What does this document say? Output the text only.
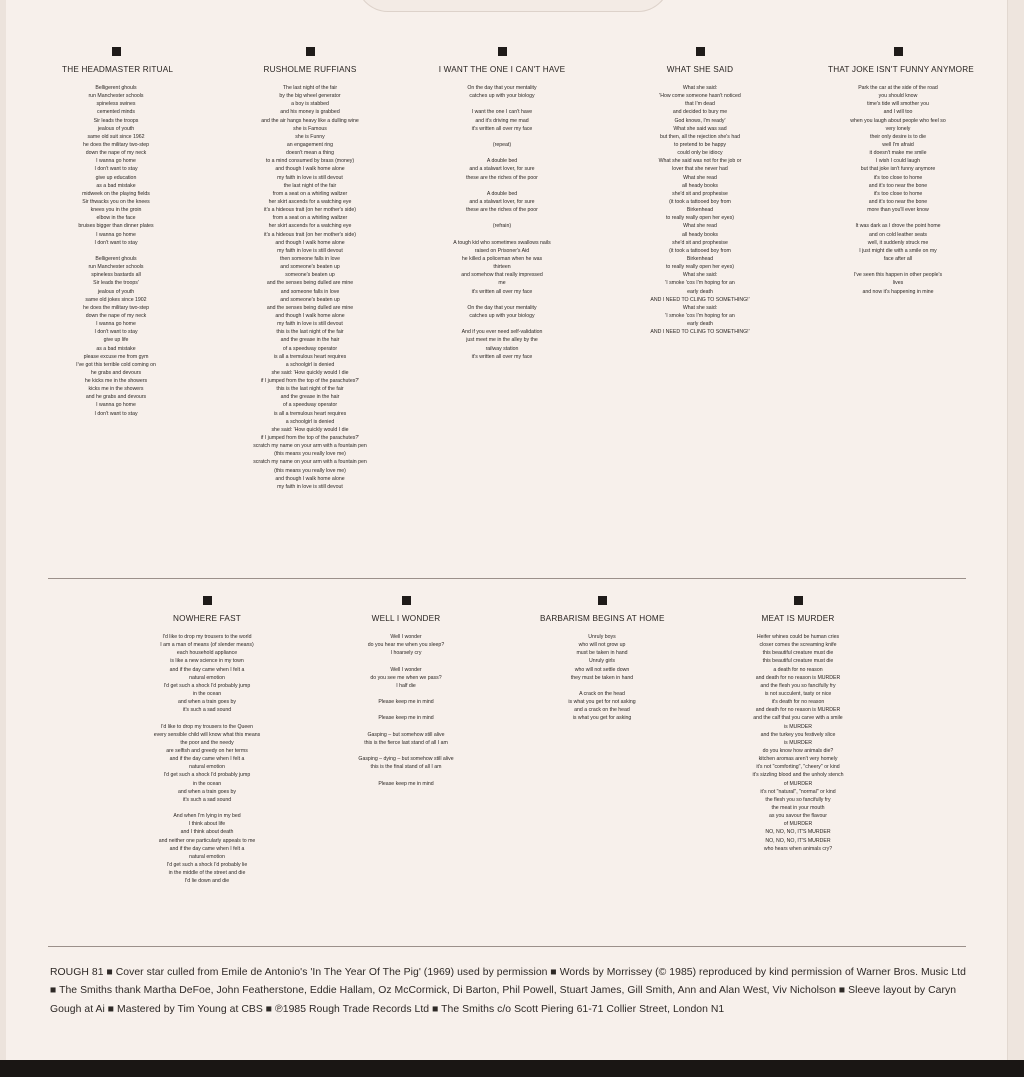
THE HEADMASTER RITUAL
Belligerent ghouls
run Manchester schools
spineless swines
cemented minds
Sir leads the troops
jealous of youth
same old suit since 1962
he does the military two-step
down the nape of my neck
I wanna go home
I don't want to stay
give up education
as a bad mistake
midweek on the playing fields
Sir thwacks you on the knees
knees you in the groin
elbow in the face
bruises bigger than dinner plates
I wanna go home
I don't want to stay
Belligerent ghouls
run Manchester schools
spineless bastards all
Sir leads the troops'
jealous of youth
same old jokes since 1902
he does the military two-step
down the nape of my neck
I wanna go home
I don't want to stay
give up life
as a bad mistake
please excuse me from gym
I've got this terrible cold coming on
he grabs and devours
he kicks me in the showers
kicks me in the showers
and he grabs and devours
I wanna go home
I don't want to stay
RUSHOLME RUFFIANS
The last night of the fair
by the big wheel generator
a boy is stabbed
and his money is grabbed
and the air hangs heavy like a dulling wine
she is Famous
she is Funny
an engagement ring
doesn't mean a thing
to a mind consumed by brass (money)
and though I walk home alone
my faith in love is still devout
the last night of the fair
from a seat on a whirling waltzer
her skirt ascends for a watching eye
it's a hideous trait (on her mother's side)
from a seat on a whirling waltzer
her skirt ascends for a watching eye
it's a hideous trait (on her mother's side)
and though I walk home alone
my faith in love is still devout
then someone falls in love
and someone's beaten up
someone's beaten up
and the senses being dulled are mine
and someone falls in love
and someone's beaten up
and the senses being dulled are mine
and though I walk home alone
my faith in love is still devout
this is the last night of the fair
and the grease in the hair
of a speedway operator
is all a tremulous heart requires
a schoolgirl is denied
she said: 'How quickly would I die
if I jumped from the top of the parachutes?'
this is the last night of the fair
and the grease in the hair
of a speedway operator
is all a tremulous heart requires
a schoolgirl is denied
she said: 'How quickly would I die
if I jumped from the top of the parachutes?'
scratch my name on your arm with a fountain pen
(this means you really love me)
scratch my name on your arm with a fountain pen
(this means you really love me)
and though I walk home alone
my faith in love is still devout
I WANT THE ONE I CAN'T HAVE
On the day that your mentality
catches up with your biology
I want the one I can't have
and it's driving me mad
it's written all over my face
(repeat)
A double bed
and a stalwart lover, for sure
these are the riches of the poor
A double bed
and a stalwart lover, for sure
these are the riches of the poor
(refrain)
A tough kid who sometimes swallows nails
raised on Prisoner's Aid
he killed a policeman when he was
thirteen
and somehow that really impressed
me
it's written all over my face
On the day that your mentality
catches up with your biology
And if you ever need self-validation
just meet me in the alley by the
railway station
it's written all over my face
WHAT SHE SAID
What she said:
'How come someone hasn't noticed
that I'm dead
and decided to bury me
God knows, I'm ready'
What she said was sad
but then, all the rejection she's had
to pretend to be happy
could only be idiocy
What she said was not for the job or
lover that she never had
What she read
all heady books
she'd sit and prophesise
(it took a tattooed boy from
Birkenhead
to really really open her eyes)
What she read
all heady books
she'd sit and prophesise
(it took a tattooed boy from
Birkenhead
to really really open her eyes)
What she said:
'I smoke 'cos I'm hoping for an
early death
AND I NEED TO CLING TO SOMETHING!'
What she said:
'I smoke 'cos I'm hoping for an
early death
AND I NEED TO CLING TO SOMETHING!'
THAT JOKE ISN'T FUNNY ANYMORE
Park the car at the side of the road
you should know
time's tide will smother you
and I will too
when you laugh about people who feel so
very lonely
their only desire is to die
well I'm afraid
it doesn't make me smile
I wish I could laugh
but that joke isn't funny anymore
it's too close to home
and it's too near the bone
it's too close to home
and it's too near the bone
more than you'll ever know
It was dark as I drove the point home
and on cold leather seats
well, it suddenly struck me
I just might die with a smile on my
face after all
I've seen this happen in other people's
lives
and now it's happening in mine
NOWHERE FAST
I'd like to drop my trousers to the world
I am a man of means (of slender means)
each household appliance
is like a new science in my town
and if the day came when I felt a
natural emotion
I'd get such a shock I'd probably jump
in the ocean
and when a train goes by
it's such a sad sound
I'd like to drop my trousers to the Queen
every sensible child will know what this means
the poor and the needy
are selfish and greedy on her terms
and if the day came when I felt a
natural emotion
I'd get such a shock I'd probably jump
in the ocean
and when a train goes by
it's such a sad sound
And when I'm lying in my bed
I think about life
and I think about death
and neither one particularly appeals to me
and if the day came when I felt a
natural emotion
I'd get such a shock I'd probably lie
in the middle of the street and die
I'd lie down and die
WELL I WONDER
Well I wonder
do you hear me when you sleep?
I hoarsely cry
Well I wonder
do you see me when we pass?
I half die
Please keep me in mind
Please keep me in mind
Gasping – but somehow still alive
this is the fierce last stand of all I am
Gasping – dying – but somehow still alive
this is the final stand of all I am
Please keep me in mind
BARBARISM BEGINS AT HOME
Unruly boys
who will not grow up
must be taken in hand
Unruly girls
who will not settle down
they must be taken in hand
A crack on the head
is what you get for not asking
and a crack on the head
is what you get for asking
MEAT IS MURDER
Heifer whines could be human cries
closer comes the screaming knife
this beautiful creature must die
this beautiful creature must die
a death for no reason
and death for no reason is MURDER
and the flesh you so fancifully fry
is not succulent, tasty or nice
it's death for no reason
and death for no reason is MURDER
and the calf that you carve with a smile
is MURDER
and the turkey you festively slice
is MURDER
do you know how animals die?
kitchen aromas aren't very homely
it's not "comforting", "cheery" or kind
it's sizzling blood and the unholy stench
of MURDER
it's not "natural", "normal" or kind
the flesh you so fancifully fry
the meat in your mouth
as you savour the flavour
of MURDER
NO, NO, NO, IT'S MURDER
NO, NO, NO, IT'S MURDER
who hears when animals cry?
ROUGH 81 ■ Cover star culled from Emile de Antonio's 'In The Year Of The Pig' (1969) used by permission ■ Words by Morrissey (© 1985) reproduced by kind permission of Warner Bros. Music Ltd ■ The Smiths thank Martha DeFoe, John Featherstone, Eddie Hallam, Oz McCormick, Di Barton, Phil Powell, Stuart James, Gill Smith, Ann and Alan West, Viv Nicholson ■ Sleeve layout by Caryn Gough at Ai ■ Mastered by Tim Young at CBS ■ ℗1985 Rough Trade Records Ltd ■ The Smiths c/o Scott Piering 61-71 Collier Street, London N1
